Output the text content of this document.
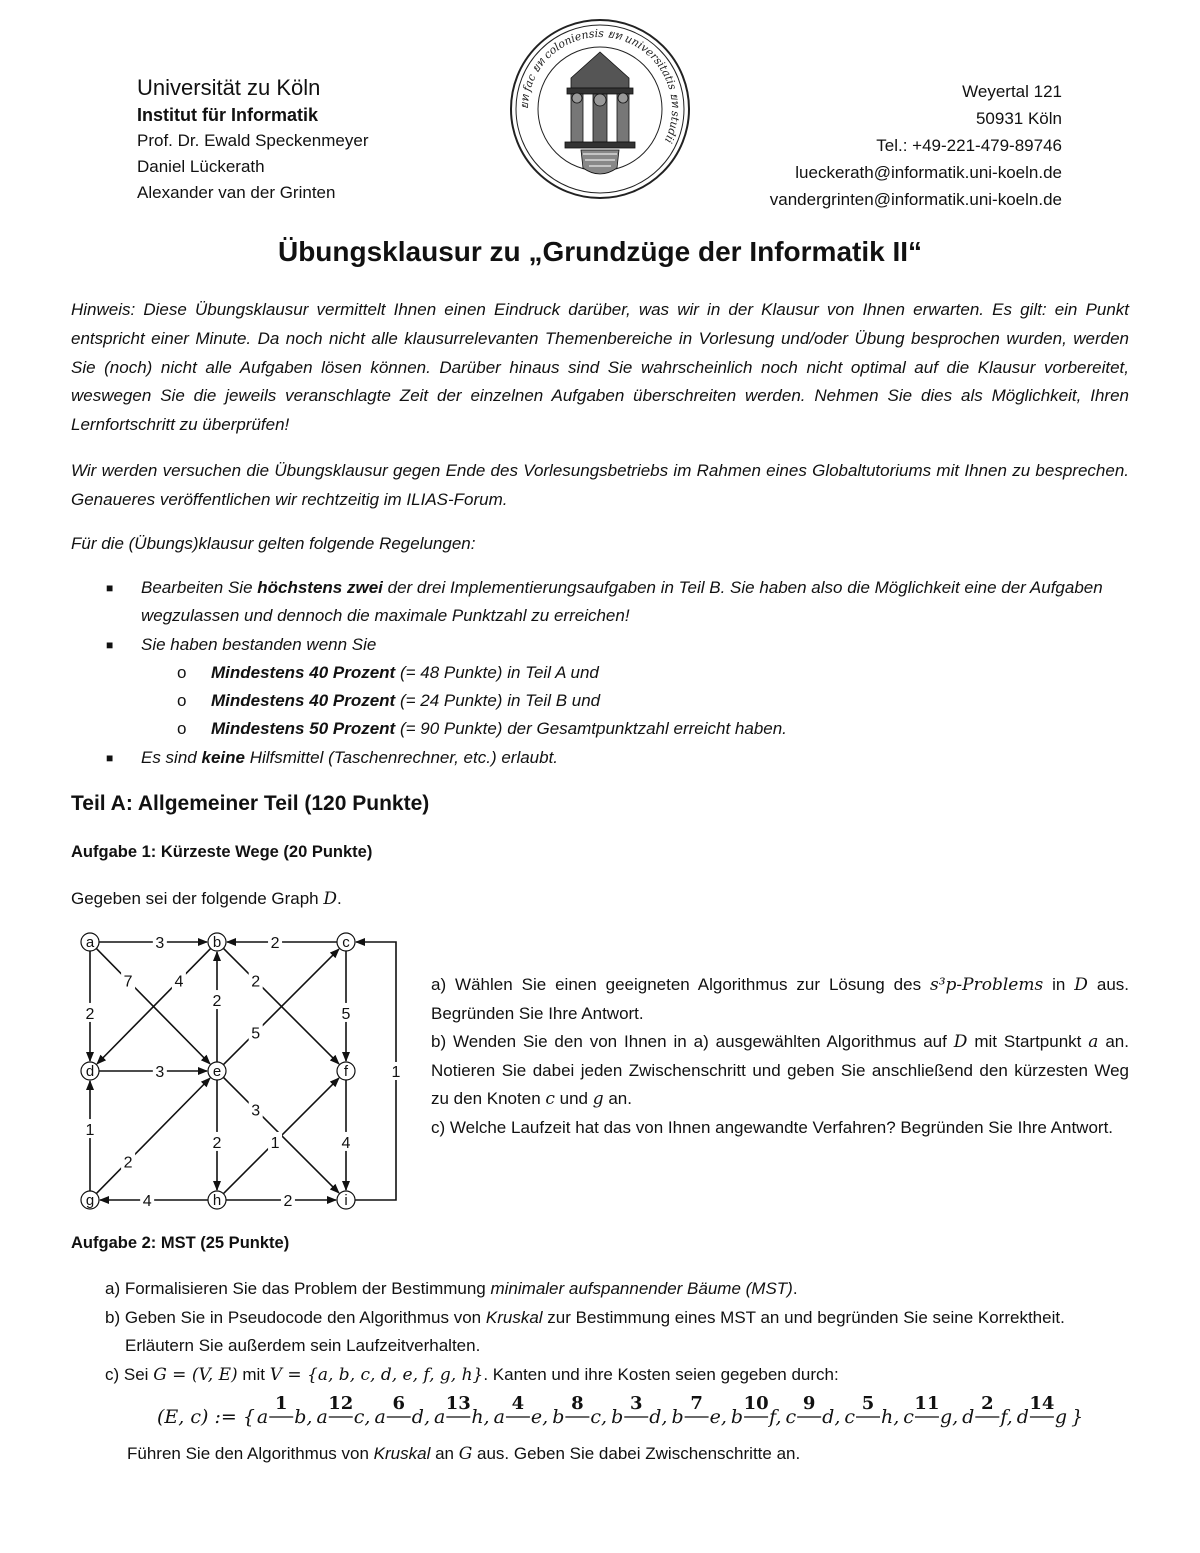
Universität zu Köln
Institut für Informatik
Prof. Dr. Ewald Speckenmeyer
Daniel Lückerath
Alexander van der Grinten
ยท fac ยท coloniensis ยท universitatis ยท studii
Weyertal 121
50931 Köln
Tel.: +49-221-479-89746
lueckerath@informatik.uni-koeln.de
vandergrinten@informatik.uni-koeln.de
Übungsklausur zu „Grundzüge der Informatik II“

Hinweis: Diese Übungsklausur vermittelt Ihnen einen Eindruck darüber, was wir in der Klausur von Ihnen erwarten. Es gilt: ein Punkt entspricht einer Minute. Da noch nicht alle klausurrelevanten Themenbereiche in Vorlesung und/oder Übung besprochen wurden, werden Sie (noch) nicht alle Aufgaben lösen können. Darüber hinaus sind Sie wahrscheinlich noch nicht optimal auf die Klausur vorbereitet, weswegen Sie die jeweils veranschlagte Zeit der einzelnen Aufgaben überschreiten werden. Nehmen Sie dies als Möglichkeit, Ihren Lernfortschritt zu überprüfen!

Wir werden versuchen die Übungsklausur gegen Ende des Vorlesungsbetriebs im Rahmen eines Globaltutoriums mit Ihnen zu besprechen. Genaueres veröffentlichen wir rechtzeitig im ILIAS-Forum.

Für die (Übungs)klausur gelten folgende Regelungen:

■ Bearbeiten Sie höchstens zwei der drei Implementierungsaufgaben in Teil B. Sie haben also die Möglichkeit eine der Aufgaben wegzulassen und dennoch die maximale Punktzahl zu erreichen!
■ Sie haben bestanden wenn Sie
o Mindestens 40 Prozent (= 48 Punkte) in Teil A und
o Mindestens 40 Prozent (= 24 Punkte) in Teil B und
o Mindestens 50 Prozent (= 90 Punkte) der Gesamtpunktzahl erreicht haben.
■ Es sind keine Hilfsmittel (Taschenrechner, etc.) erlaubt.
Teil A: Allgemeiner Teil (120 Punkte)
Aufgabe 1: Kürzeste Wege (20 Punkte)
Gegeben sei der folgende Graph D.
3	2
2
7	4
2
2
5
5
3	1
1
2
2
3
1	4
4	2
a	b	c
d	e	f
g	h	i
a) Wählen Sie einen geeigneten Algorithmus zur Lösung des s³p-Problems in D aus. Begründen Sie Ihre Antwort.
b) Wenden Sie den von Ihnen in a) ausgewählten Algorithmus auf D mit Startpunkt a an. Notieren Sie dabei jeden Zwischenschritt und geben Sie anschließend den kürzesten Weg zu den Knoten c und g an.
c) Welche Laufzeit hat das von Ihnen angewandte Verfahren? Begründen Sie Ihre Antwort.
Aufgabe 2: MST (25 Punkte)
a) Formalisieren Sie das Problem der Bestimmung minimaler aufspannender Bäume (MST).
b) Geben Sie in Pseudocode den Algorithmus von Kruskal zur Bestimmung eines MST an und begründen Sie seine Korrektheit. Erläutern Sie außerdem sein Laufzeitverhalten.
c) Sei G = (V, E) mit V = {a, b, c, d, e, f, g, h}. Kanten und ihre Kosten seien gegeben durch:
(E, c) := { a
1
b, a
12
c, a
6
d, a
13
h, a
4
e, b
8
c, b
3
d, b
7
e, b
10
f, c
9
d, c
5
h, c
11
g, d
2
f, d
14
g }
Führen Sie den Algorithmus von Kruskal an G aus. Geben Sie dabei Zwischenschritte an.
